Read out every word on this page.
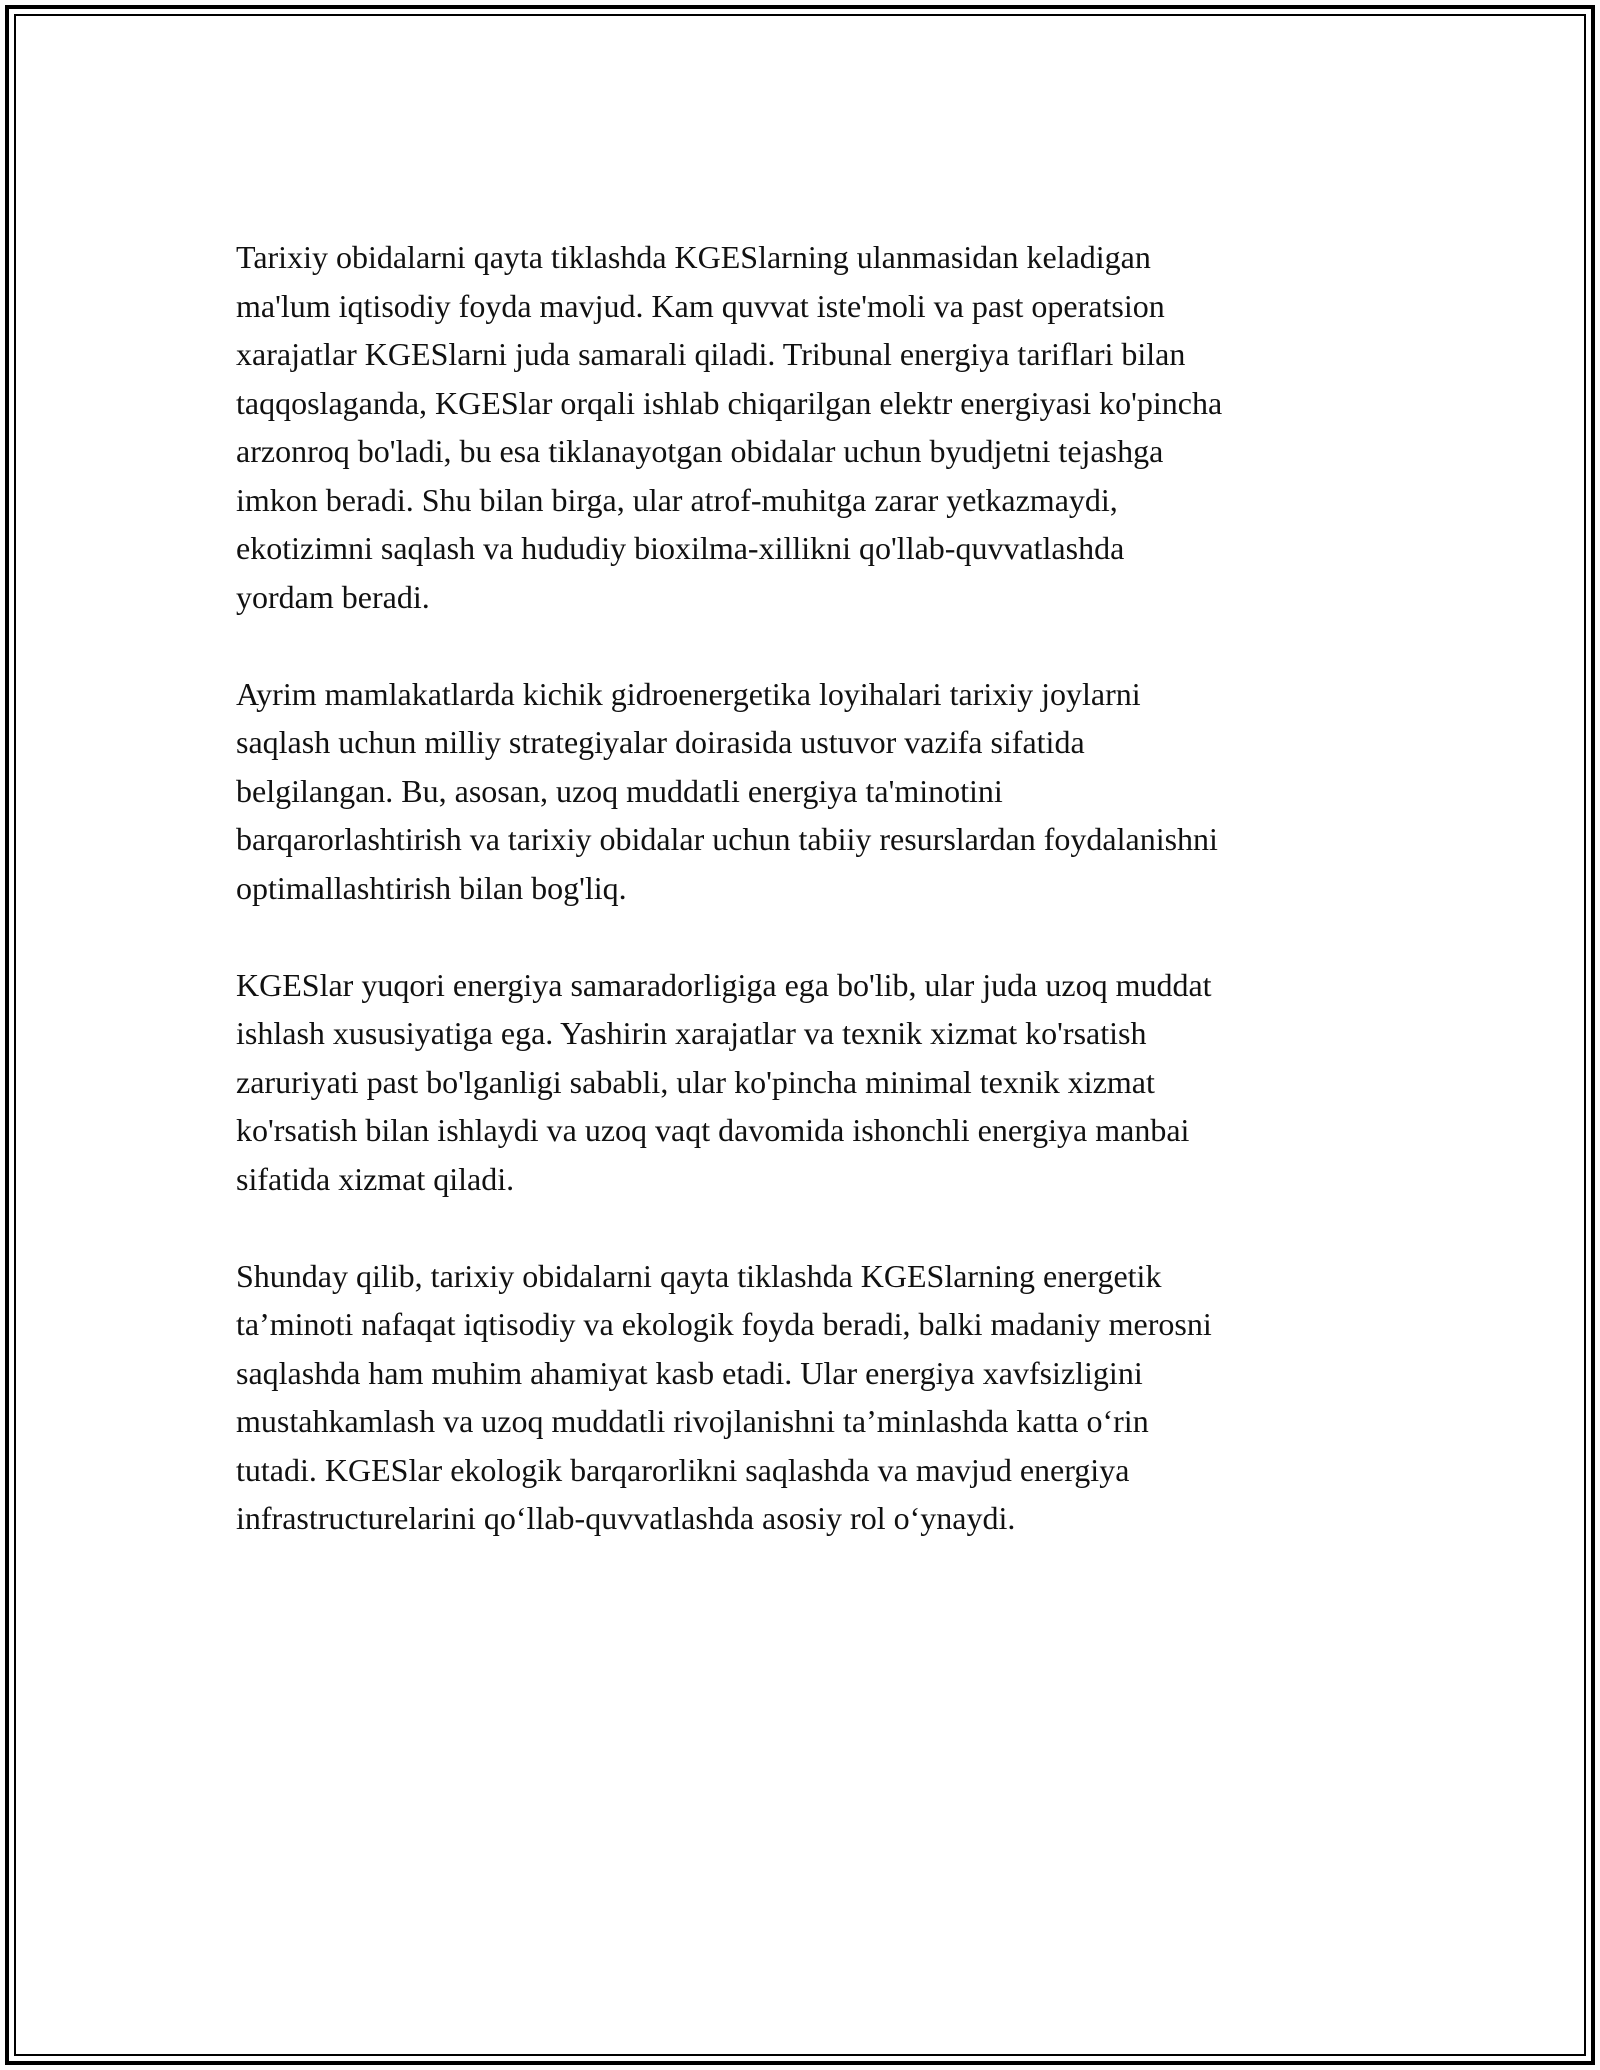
Tarixiy obidalarni qayta tiklashda KGESlarning ulanmasidan keladigan
ma'lum iqtisodiy foyda mavjud. Kam quvvat iste'moli va past operatsion
xarajatlar KGESlarni juda samarali qiladi. Tribunal energiya tariflari bilan
taqqoslaganda, KGESlar orqali ishlab chiqarilgan elektr energiyasi ko'pincha
arzonroq bo'ladi, bu esa tiklanayotgan obidalar uchun byudjetni tejashga
imkon beradi. Shu bilan birga, ular atrof-muhitga zarar yetkazmaydi,
ekotizimni saqlash va hududiy bioxilma-xillikni qo'llab-quvvatlashda
yordam beradi.

Ayrim mamlakatlarda kichik gidroenergetika loyihalari tarixiy joylarni
saqlash uchun milliy strategiyalar doirasida ustuvor vazifa sifatida
belgilangan. Bu, asosan, uzoq muddatli energiya ta'minotini
barqarorlashtirish va tarixiy obidalar uchun tabiiy resurslardan foydalanishni
optimallashtirish bilan bog'liq.

KGESlar yuqori energiya samaradorligiga ega bo'lib, ular juda uzoq muddat
ishlash xususiyatiga ega. Yashirin xarajatlar va texnik xizmat ko'rsatish
zaruriyati past bo'lganligi sababli, ular ko'pincha minimal texnik xizmat
ko'rsatish bilan ishlaydi va uzoq vaqt davomida ishonchli energiya manbai
sifatida xizmat qiladi.

Shunday qilib, tarixiy obidalarni qayta tiklashda KGESlarning energetik
ta’minoti nafaqat iqtisodiy va ekologik foyda beradi, balki madaniy merosni
saqlashda ham muhim ahamiyat kasb etadi. Ular energiya xavfsizligini
mustahkamlash va uzoq muddatli rivojlanishni ta’minlashda katta o‘rin
tutadi. KGESlar ekologik barqarorlikni saqlashda va mavjud energiya
infrastructurelarini qo‘llab-quvvatlashda asosiy rol o‘ynaydi.
